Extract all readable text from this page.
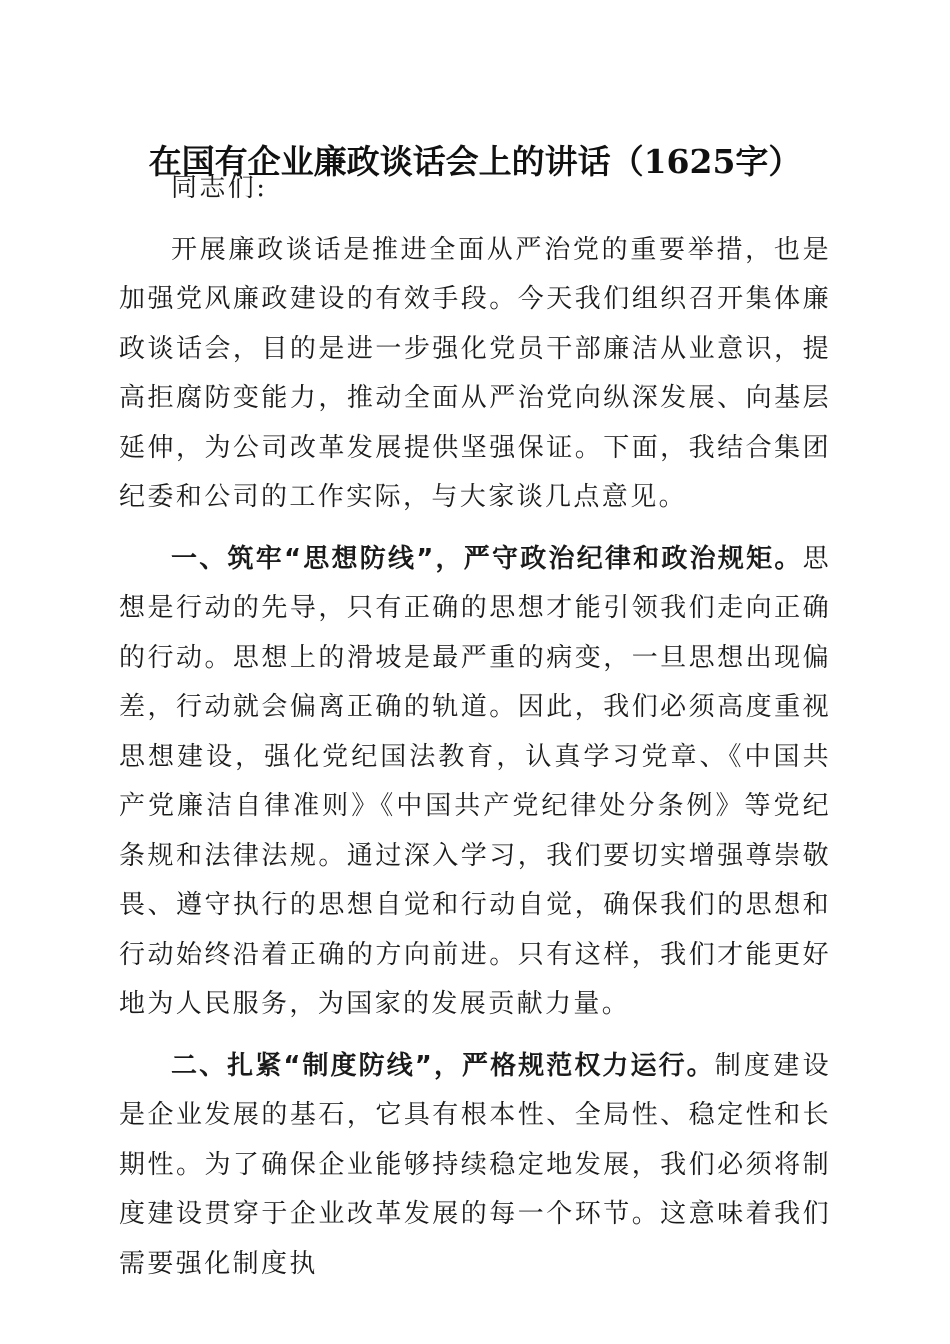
在国有企业廉政谈话会上的讲话（1625字）

同志们:

开展廉政谈话是推进全面从严治党的重要举措，也是加强党风廉政建设的有效手段。今天我们组织召开集体廉政谈话会，目的是进一步强化党员干部廉洁从业意识，提高拒腐防变能力，推动全面从严治党向纵深发展、向基层延伸，为公司改革发展提供坚强保证。下面，我结合集团纪委和公司的工作实际，与大家谈几点意见。

一、筑牢“思想防线”，严守政治纪律和政治规矩。思想是行动的先导，只有正确的思想才能引领我们走向正确的行动。思想上的滑坡是最严重的病变，一旦思想出现偏差，行动就会偏离正确的轨道。因此，我们必须高度重视思想建设，强化党纪国法教育，认真学习党章、《中国共产党廉洁自律准则》《中国共产党纪律处分条例》等党纪条规和法律法规。通过深入学习，我们要切实增强尊崇敬畏、遵守执行的思想自觉和行动自觉，确保我们的思想和行动始终沿着正确的方向前进。只有这样，我们才能更好地为人民服务，为国家的发展贡献力量。

二、扎紧“制度防线”，严格规范权力运行。制度建设是企业发展的基石，它具有根本性、全局性、稳定性和长期性。为了确保企业能够持续稳定地发展，我们必须将制度建设贯穿于企业改革发展的每一个环节。这意味着我们需要强化制度执
